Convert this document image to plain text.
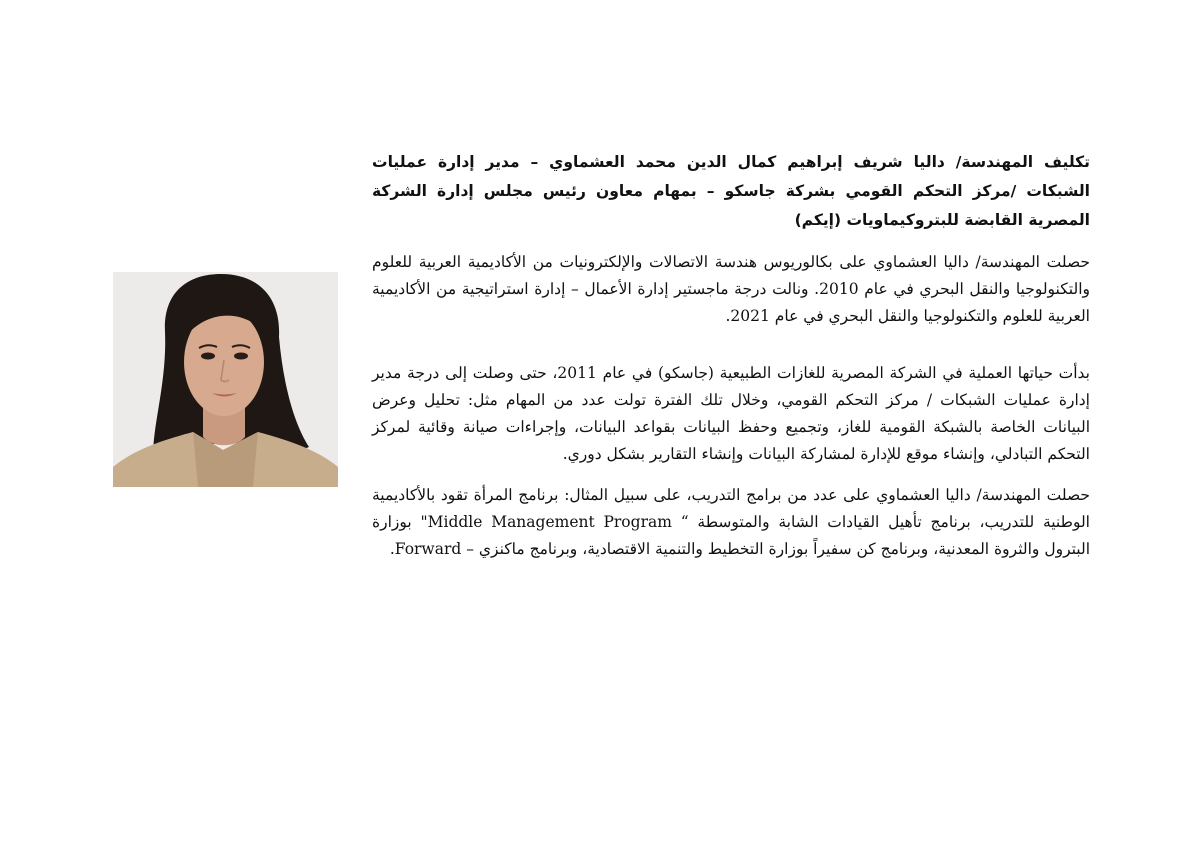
تكليف المهندسة/ داليا شريف إبراهيم كمال الدين محمد العشماوي – مدير إدارة عمليات الشبكات /مركز التحكم القومي بشركة جاسكو – بمهام معاون رئيس مجلس إدارة الشركة المصرية القابضة للبتروكيماويات (إيكم)

حصلت المهندسة/ داليا العشماوي على بكالوريوس هندسة الاتصالات والإلكترونيات من الأكاديمية العربية للعلوم والتكنولوجيا والنقل البحري في عام 2010. ونالت درجة ماجستير إدارة الأعمال – إدارة استراتيجية من الأكاديمية العربية للعلوم والتكنولوجيا والنقل البحري في عام 2021.

بدأت حياتها العملية في الشركة المصرية للغازات الطبيعية (جاسكو) في عام 2011، حتى وصلت إلى درجة مدير إدارة عمليات الشبكات / مركز التحكم القومي، وخلال تلك الفترة تولت عدد من المهام مثل: تحليل وعرض البيانات الخاصة بالشبكة القومية للغاز، وتجميع وحفظ البيانات بقواعد البيانات، وإجراءات صيانة وقائية لمركز التحكم التبادلي، وإنشاء موقع للإدارة لمشاركة البيانات وإنشاء التقارير بشكل دوري.

حصلت المهندسة/ داليا العشماوي على عدد من برامج التدريب، على سبيل المثال: برنامج المرأة تقود بالأكاديمية الوطنية للتدريب، برنامج تأهيل القيادات الشابة والمتوسطة “ Middle Management Program" بوزارة البترول والثروة المعدنية، وبرنامج كن سفيراً بوزارة التخطيط والتنمية الاقتصادية، وبرنامج ماكنزي – Forward.
